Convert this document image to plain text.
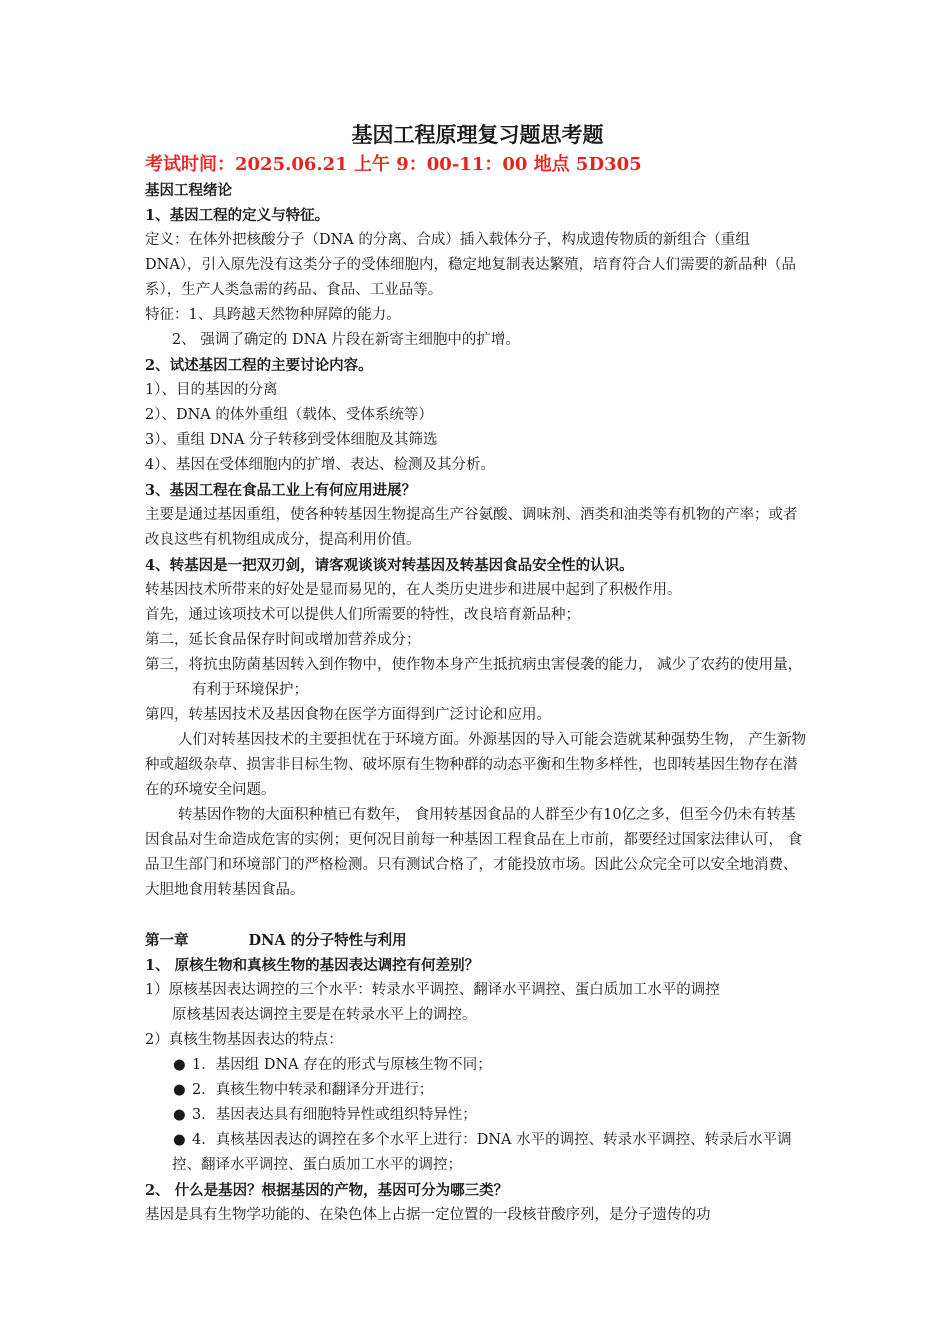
基因工程原理复习题思考题

考试时间：2025.06.21 上午 9：00-11：00 地点 5D305

基因工程绪论

1、基因工程的定义与特征。

定义：在体外把核酸分子（DNA 的分离、合成）插入载体分子，构成遗传物质的新组合（重组 DNA），引入原先没有这类分子的受体细胞内，稳定地复制表达繁殖，培育符合人们需要的新品种（品系），生产人类急需的药品、食品、工业品等。

特征：1、具跨越天然物种屏障的能力。

2、 强调了确定的 DNA 片段在新寄主细胞中的扩增。

2、试述基因工程的主要讨论内容。

1）、目的基因的分离

2）、DNA 的体外重组（载体、受体系统等）

3）、重组 DNA 分子转移到受体细胞及其筛选

4）、基因在受体细胞内的扩增、表达、检测及其分析。

3、基因工程在食品工业上有何应用进展？

主要是通过基因重组，使各种转基因生物提高生产谷氨酸、调味剂、酒类和油类等有机物的产率；或者改良这些有机物组成成分，提高利用价值。

4、转基因是一把双刃剑，请客观谈谈对转基因及转基因食品安全性的认识。

转基因技术所带来的好处是显而易见的，在人类历史进步和进展中起到了积极作用。

首先，通过该项技术可以提供人们所需要的特性，改良培育新品种；

第二，延长食品保存时间或增加营养成分；

第三，将抗虫防菌基因转入到作物中，使作物本身产生抵抗病虫害侵袭的能力， 减少了农药的使用量，有利于环境保护；

第四，转基因技术及基因食物在医学方面得到广泛讨论和应用。

人们对转基因技术的主要担忧在于环境方面。外源基因的导入可能会造就某种强势生物， 产生新物种或超级杂草、损害非目标生物、破坏原有生物种群的动态平衡和生物多样性，也即转基因生物存在潜在的环境安全问题。

转基因作物的大面积种植已有数年， 食用转基因食品的人群至少有10亿之多，但至今仍未有转基因食品对生命造成危害的实例；更何况目前每一种基因工程食品在上市前，都要经过国家法律认可， 食品卫生部门和环境部门的严格检测。只有测试合格了，才能投放市场。因此公众完全可以安全地消费、大胆地食用转基因食品。

第一章	DNA 的分子特性与利用

1、 原核生物和真核生物的基因表达调控有何差别？

1）原核基因表达调控的三个水平：转录水平调控、翻译水平调控、蛋白质加工水平的调控

原核基因表达调控主要是在转录水平上的调控。

2）真核生物基因表达的特点：

● 1．基因组 DNA 存在的形式与原核生物不同；
● 2．真核生物中转录和翻译分开进行；
● 3．基因表达具有细胞特异性或组织特异性；
● 4．真核基因表达的调控在多个水平上进行：DNA 水平的调控、转录水平调控、转录后水平调控、翻译水平调控、蛋白质加工水平的调控；

2、 什么是基因？根据基因的产物，基因可分为哪三类？

基因是具有生物学功能的、在染色体上占据一定位置的一段核苷酸序列，是分子遗传的功
